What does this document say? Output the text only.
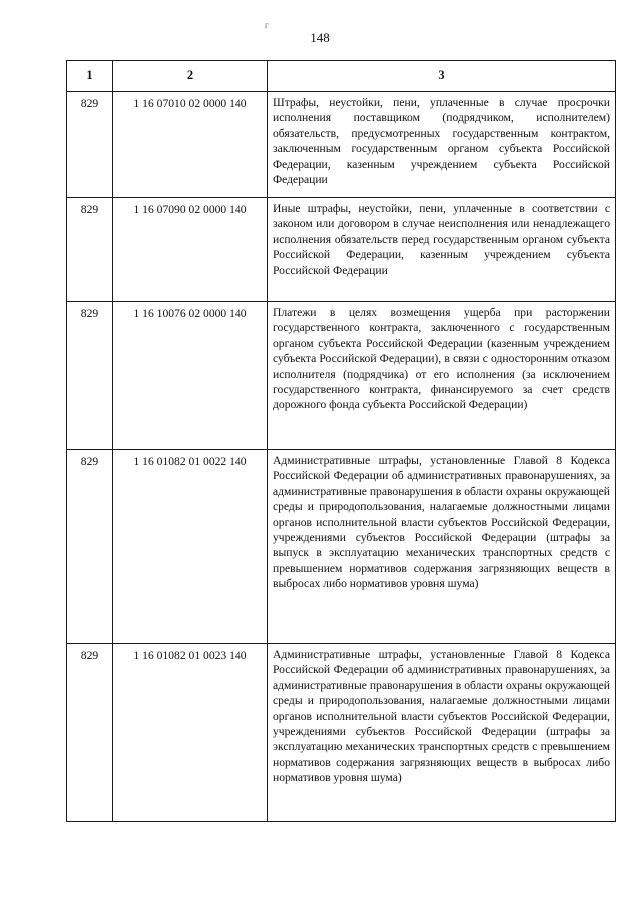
г
148
1	2	3
829	1 16 07010 02 0000 140	Штрафы, неустойки, пени, уплаченные в случае просрочки исполнения поставщиком (подрядчиком, исполнителем) обязательств, предусмотренных государственным контрактом, заключенным государственным органом субъекта Российской Федерации, казенным учреждением субъекта Российской Федерации
829	1 16 07090 02 0000 140	Иные штрафы, неустойки, пени, уплаченные в соответствии с законом или договором в случае неисполнения или ненадлежащего исполнения обязательств перед государственным органом субъекта Российской Федерации, казенным учреждением субъекта Российской Федерации
829	1 16 10076 02 0000 140	Платежи в целях возмещения ущерба при расторжении государственного контракта, заключенного с государственным органом субъекта Российской Федерации (казенным учреждением субъекта Российской Федерации), в связи с односторонним отказом исполнителя (подрядчика) от его исполнения (за исключением государственного контракта, финансируемого за счет средств дорожного фонда субъекта Российской Федерации)
829	1 16 01082 01 0022 140	Административные штрафы, установленные Главой 8 Кодекса Российской Федерации об административных правонарушениях, за административные правонарушения в области охраны окружающей среды и природопользования, налагаемые должностными лицами органов исполнительной власти субъектов Российской Федерации, учреждениями субъектов Российской Федерации (штрафы за выпуск в эксплуатацию механических транспортных средств с превышением нормативов содержания загрязняющих веществ в выбросах либо нормативов уровня шума)
829	1 16 01082 01 0023 140	Административные штрафы, установленные Главой 8 Кодекса Российской Федерации об административных правонарушениях, за административные правонарушения в области охраны окружающей среды и природопользования, налагаемые должностными лицами органов исполнительной власти субъектов Российской Федерации, учреждениями субъектов Российской Федерации (штрафы за эксплуатацию механических транспортных средств с превышением нормативов содержания загрязняющих веществ в выбросах либо нормативов уровня шума)
